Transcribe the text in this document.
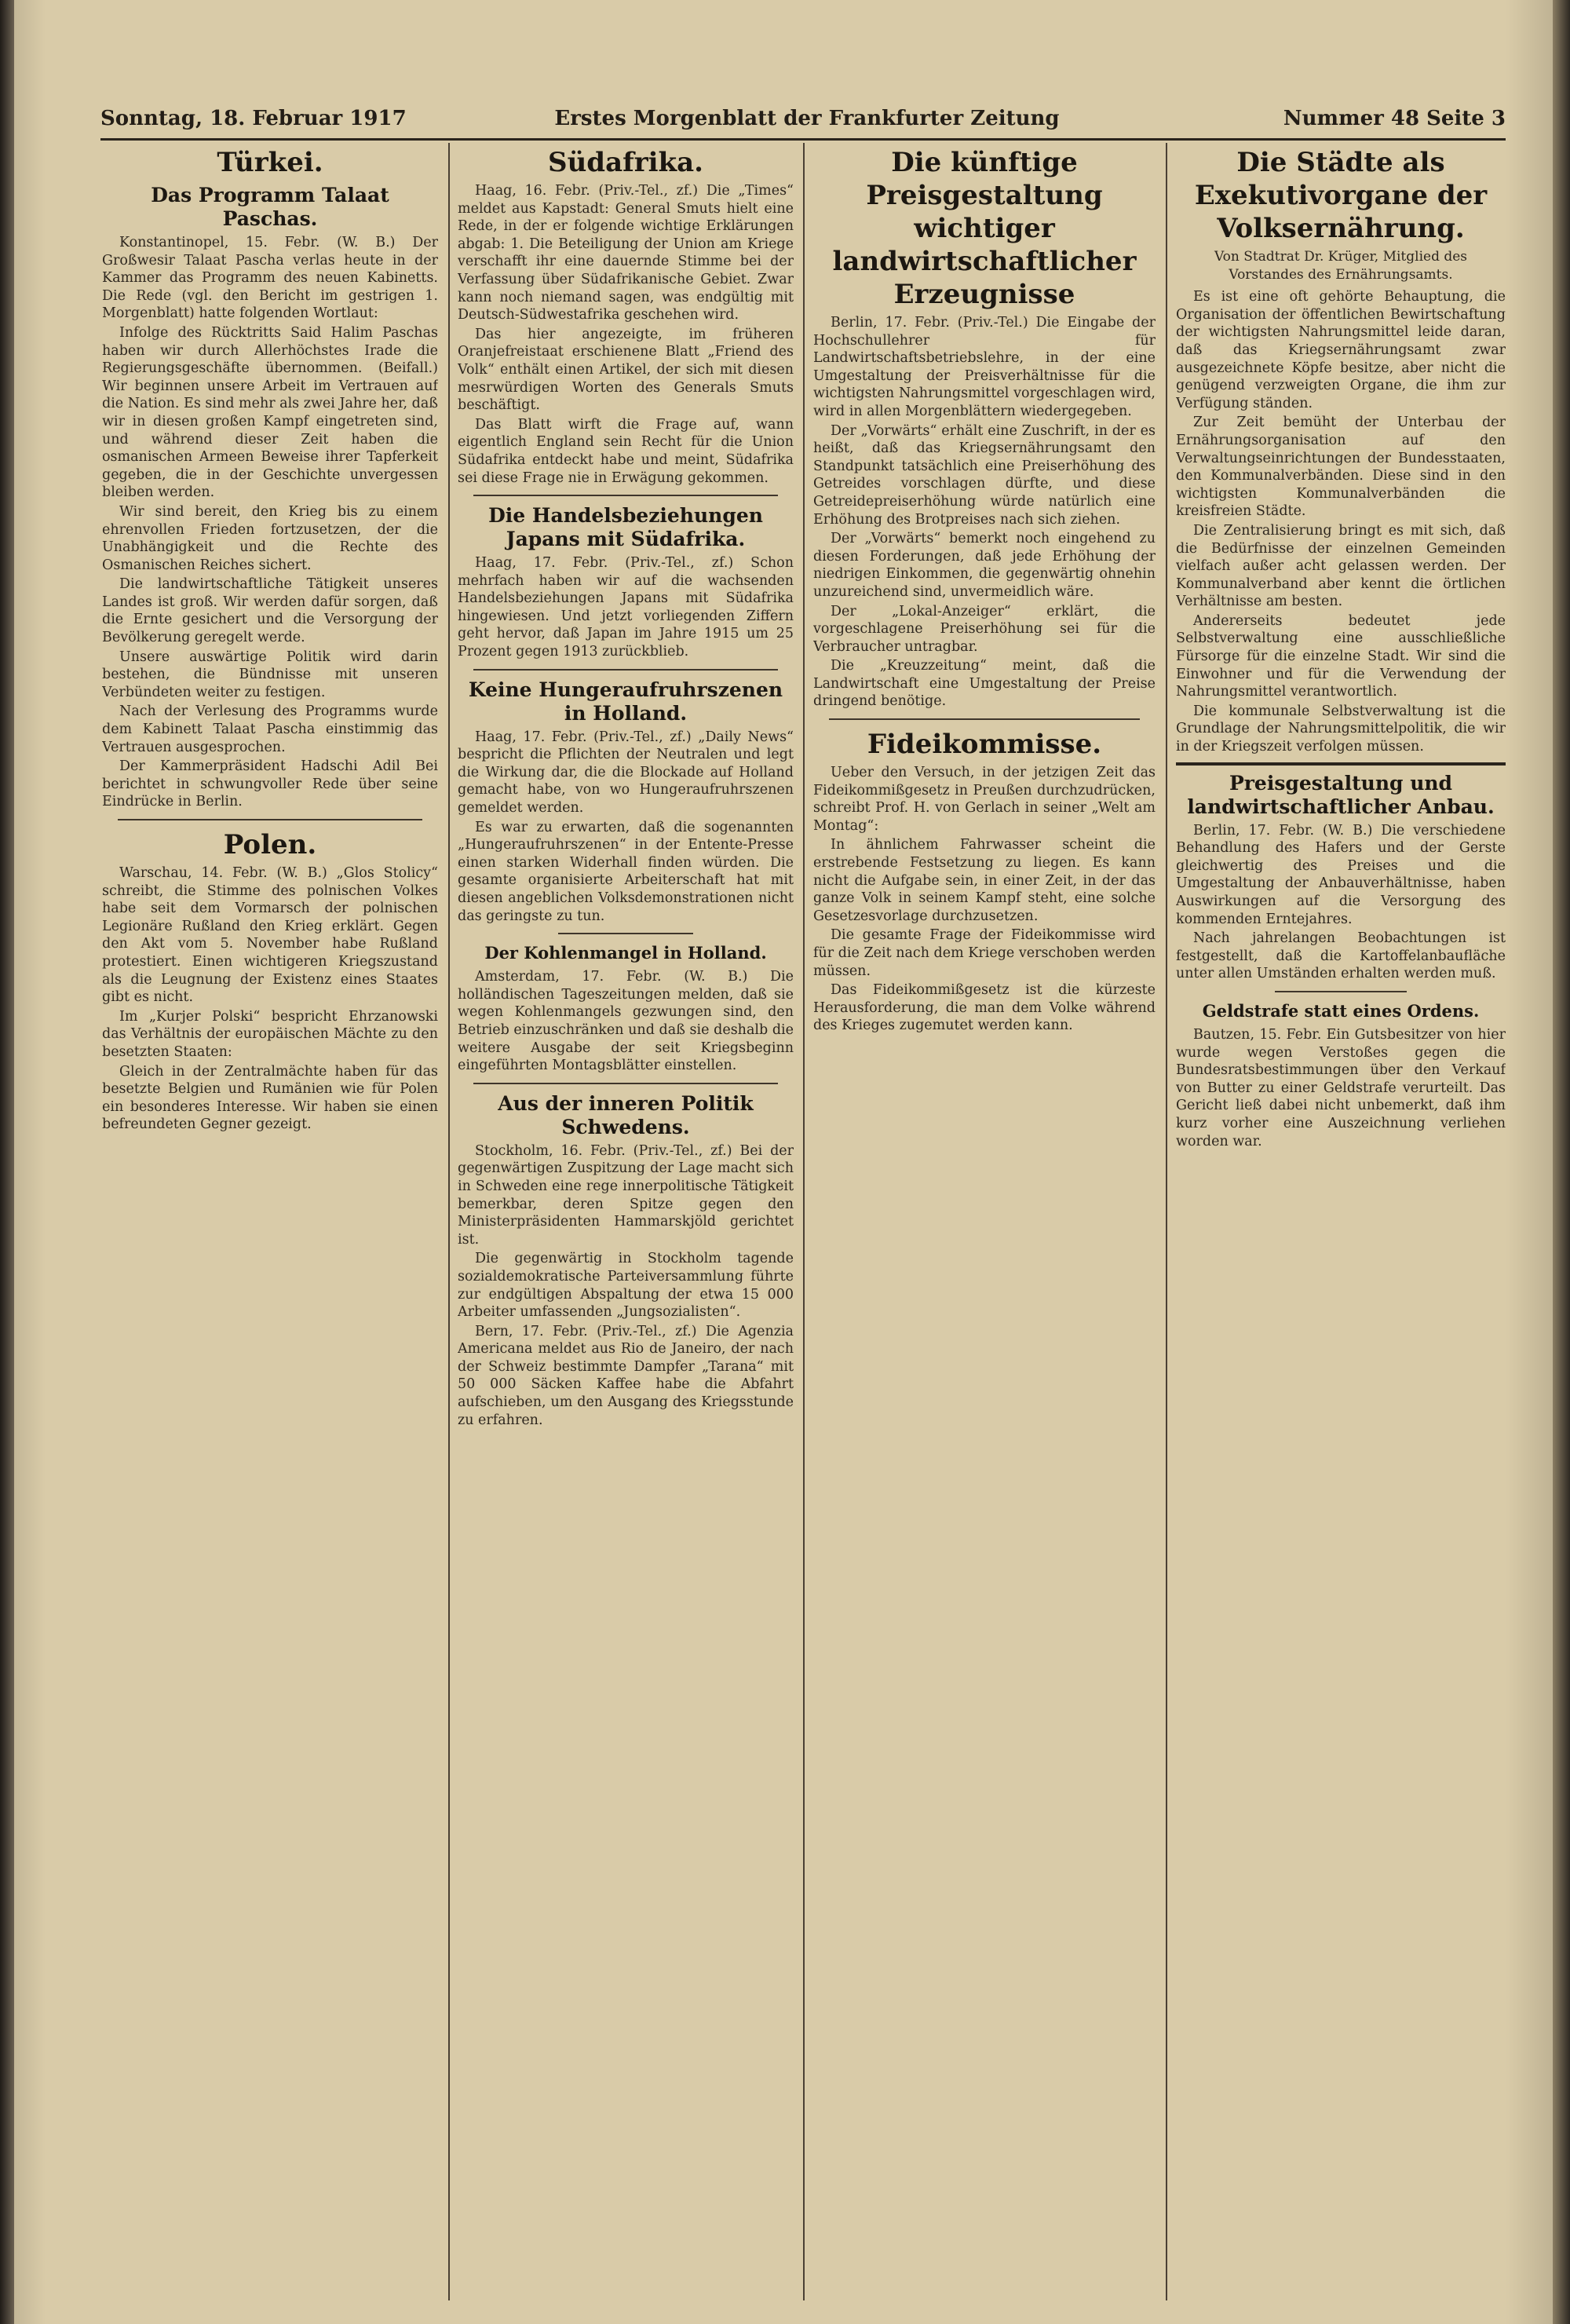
Sonntag, 18. Februar 1917	Erstes Morgenblatt der Frankfurter Zeitung	Nummer 48 Seite 3
Türkei.
Das Programm Talaat Paschas.

Konstantinopel, 15. Febr. (W. B.) Der Großwesir Talaat Pascha verlas heute in der Kammer das Programm des neuen Kabinetts. Die Rede (vgl. den Bericht im gestrigen 1. Morgenblatt) hatte folgenden Wortlaut:

Infolge des Rücktritts Said Halim Paschas haben wir durch Allerhöchstes Irade die Regierungsgeschäfte übernommen. (Beifall.) Wir beginnen unsere Arbeit im Vertrauen auf die Nation. Es sind mehr als zwei Jahre her, daß wir in diesen großen Kampf eingetreten sind, und während dieser Zeit haben die osmanischen Armeen Beweise ihrer Tapferkeit gegeben, die in der Geschichte unvergessen bleiben werden.

Wir sind bereit, den Krieg bis zu einem ehrenvollen Frieden fortzusetzen, der die Unabhängigkeit und die Rechte des Osmanischen Reiches sichert.

Die landwirtschaftliche Tätigkeit unseres Landes ist groß. Wir werden dafür sorgen, daß die Ernte gesichert und die Versorgung der Bevölkerung geregelt werde.

Unsere auswärtige Politik wird darin bestehen, die Bündnisse mit unseren Verbündeten weiter zu festigen.

Nach der Verlesung des Programms wurde dem Kabinett Talaat Pascha einstimmig das Vertrauen ausgesprochen.

Der Kammerpräsident Hadschi Adil Bei berichtet in schwungvoller Rede über seine Eindrücke in Berlin.

Polen.

Warschau, 14. Febr. (W. B.) „Glos Stolicy“ schreibt, die Stimme des polnischen Volkes habe seit dem Vormarsch der polnischen Legionäre Rußland den Krieg erklärt. Gegen den Akt vom 5. November habe Rußland protestiert. Einen wichtigeren Kriegszustand als die Leugnung der Existenz eines Staates gibt es nicht.

Im „Kurjer Polski“ bespricht Ehrzanowski das Verhältnis der europäischen Mächte zu den besetzten Staaten:

Gleich in der Zentralmächte haben für das besetzte Belgien und Rumänien wie für Polen ein besonderes Interesse. Wir haben sie einen befreundeten Gegner gezeigt.

Südafrika.

Haag, 16. Febr. (Priv.-Tel., zf.) Die „Times“ meldet aus Kapstadt: General Smuts hielt eine Rede, in der er folgende wichtige Erklärungen abgab: 1. Die Beteiligung der Union am Kriege verschafft ihr eine dauernde Stimme bei der Verfassung über Südafrikanische Gebiet. Zwar kann noch niemand sagen, was endgültig mit Deutsch-Südwestafrika geschehen wird.

Das hier angezeigte, im früheren Oranjefreistaat erschienene Blatt „Friend des Volk“ enthält einen Artikel, der sich mit diesen mesrwürdigen Worten des Generals Smuts beschäftigt.

Das Blatt wirft die Frage auf, wann eigentlich England sein Recht für die Union Südafrika entdeckt habe und meint, Südafrika sei diese Frage nie in Erwägung gekommen.

Die Handelsbeziehungen Japans mit Südafrika.

Haag, 17. Febr. (Priv.-Tel., zf.) Schon mehrfach haben wir auf die wachsenden Handelsbeziehungen Japans mit Südafrika hingewiesen. Und jetzt vorliegenden Ziffern geht hervor, daß Japan im Jahre 1915 um 25 Prozent gegen 1913 zurückblieb.

Keine Hungeraufruhrszenen in Holland.

Haag, 17. Febr. (Priv.-Tel., zf.) „Daily News“ bespricht die Pflichten der Neutralen und legt die Wirkung dar, die die Blockade auf Holland gemacht habe, von wo Hungeraufruhrszenen gemeldet werden.

Es war zu erwarten, daß die sogenannten „Hungeraufruhrszenen“ in der Entente-Presse einen starken Widerhall finden würden. Die gesamte organisierte Arbeiterschaft hat mit diesen angeblichen Volksdemonstrationen nicht das geringste zu tun.

Der Kohlenmangel in Holland.

Amsterdam, 17. Febr. (W. B.) Die holländischen Tageszeitungen melden, daß sie wegen Kohlenmangels gezwungen sind, den Betrieb einzuschränken und daß sie deshalb die weitere Ausgabe der seit Kriegsbeginn eingeführten Montagsblätter einstellen.

Aus der inneren Politik Schwedens.

Stockholm, 16. Febr. (Priv.-Tel., zf.) Bei der gegenwärtigen Zuspitzung der Lage macht sich in Schweden eine rege innerpolitische Tätigkeit bemerkbar, deren Spitze gegen den Ministerpräsidenten Hammarskjöld gerichtet ist.

Die gegenwärtig in Stockholm tagende sozialdemokratische Parteiversammlung führte zur endgültigen Abspaltung der etwa 15 000 Arbeiter umfassenden „Jungsozialisten“.

Bern, 17. Febr. (Priv.-Tel., zf.) Die Agenzia Americana meldet aus Rio de Janeiro, der nach der Schweiz bestimmte Dampfer „Tarana“ mit 50 000 Säcken Kaffee habe die Abfahrt aufschieben, um den Ausgang des Kriegsstunde zu erfahren.

Die künftige Preisgestaltung wichtiger landwirtschaftlicher Erzeugnisse

Berlin, 17. Febr. (Priv.-Tel.) Die Eingabe der Hochschullehrer für Landwirtschaftsbetriebslehre, in der eine Umgestaltung der Preisverhältnisse für die wichtigsten Nahrungsmittel vorgeschlagen wird, wird in allen Morgenblättern wiedergegeben.

Der „Vorwärts“ erhält eine Zuschrift, in der es heißt, daß das Kriegsernährungsamt den Standpunkt tatsächlich eine Preiserhöhung des Getreides vorschlagen dürfte, und diese Getreidepreiserhöhung würde natürlich eine Erhöhung des Brotpreises nach sich ziehen.

Der „Vorwärts“ bemerkt noch eingehend zu diesen Forderungen, daß jede Erhöhung der niedrigen Einkommen, die gegenwärtig ohnehin unzureichend sind, unvermeidlich wäre.

Der „Lokal-Anzeiger“ erklärt, die vorgeschlagene Preiserhöhung sei für die Verbraucher untragbar.

Die „Kreuzzeitung“ meint, daß die Landwirtschaft eine Umgestaltung der Preise dringend benötige.

Fideikommisse.

Ueber den Versuch, in der jetzigen Zeit das Fideikommißgesetz in Preußen durchzudrücken, schreibt Prof. H. von Gerlach in seiner „Welt am Montag“:

In ähnlichem Fahrwasser scheint die erstrebende Festsetzung zu liegen. Es kann nicht die Aufgabe sein, in einer Zeit, in der das ganze Volk in seinem Kampf steht, eine solche Gesetzesvorlage durchzusetzen.

Die gesamte Frage der Fideikommisse wird für die Zeit nach dem Kriege verschoben werden müssen.

Das Fideikommißgesetz ist die kürzeste Herausforderung, die man dem Volke während des Krieges zugemutet werden kann.

Die Städte als Exekutivorgane der Volksernährung.
Von Stadtrat Dr. Krüger, Mitglied des Vorstandes des Ernährungsamts.

Es ist eine oft gehörte Behauptung, die Organisation der öffentlichen Bewirtschaftung der wichtigsten Nahrungsmittel leide daran, daß das Kriegsernährungsamt zwar ausgezeichnete Köpfe besitze, aber nicht die genügend verzweigten Organe, die ihm zur Verfügung ständen.

Zur Zeit bemüht der Unterbau der Ernährungsorganisation auf den Verwaltungseinrichtungen der Bundesstaaten, den Kommunalverbänden. Diese sind in den wichtigsten Kommunalverbänden die kreisfreien Städte.

Die Zentralisierung bringt es mit sich, daß die Bedürfnisse der einzelnen Gemeinden vielfach außer acht gelassen werden. Der Kommunalverband aber kennt die örtlichen Verhältnisse am besten.

Andererseits bedeutet jede Selbstverwaltung eine ausschließliche Fürsorge für die einzelne Stadt. Wir sind die Einwohner und für die Verwendung der Nahrungsmittel verantwortlich.

Die kommunale Selbstverwaltung ist die Grundlage der Nahrungsmittelpolitik, die wir in der Kriegszeit verfolgen müssen.

Preisgestaltung und landwirtschaftlicher Anbau.

Berlin, 17. Febr. (W. B.) Die verschiedene Behandlung des Hafers und der Gerste gleichwertig des Preises und die Umgestaltung der Anbauverhältnisse, haben Auswirkungen auf die Versorgung des kommenden Erntejahres.

Nach jahrelangen Beobachtungen ist festgestellt, daß die Kartoffelanbaufläche unter allen Umständen erhalten werden muß.

Geldstrafe statt eines Ordens.

Bautzen, 15. Febr. Ein Gutsbesitzer von hier wurde wegen Verstoßes gegen die Bundesratsbestimmungen über den Verkauf von Butter zu einer Geldstrafe verurteilt. Das Gericht ließ dabei nicht unbemerkt, daß ihm kurz vorher eine Auszeichnung verliehen worden war.
